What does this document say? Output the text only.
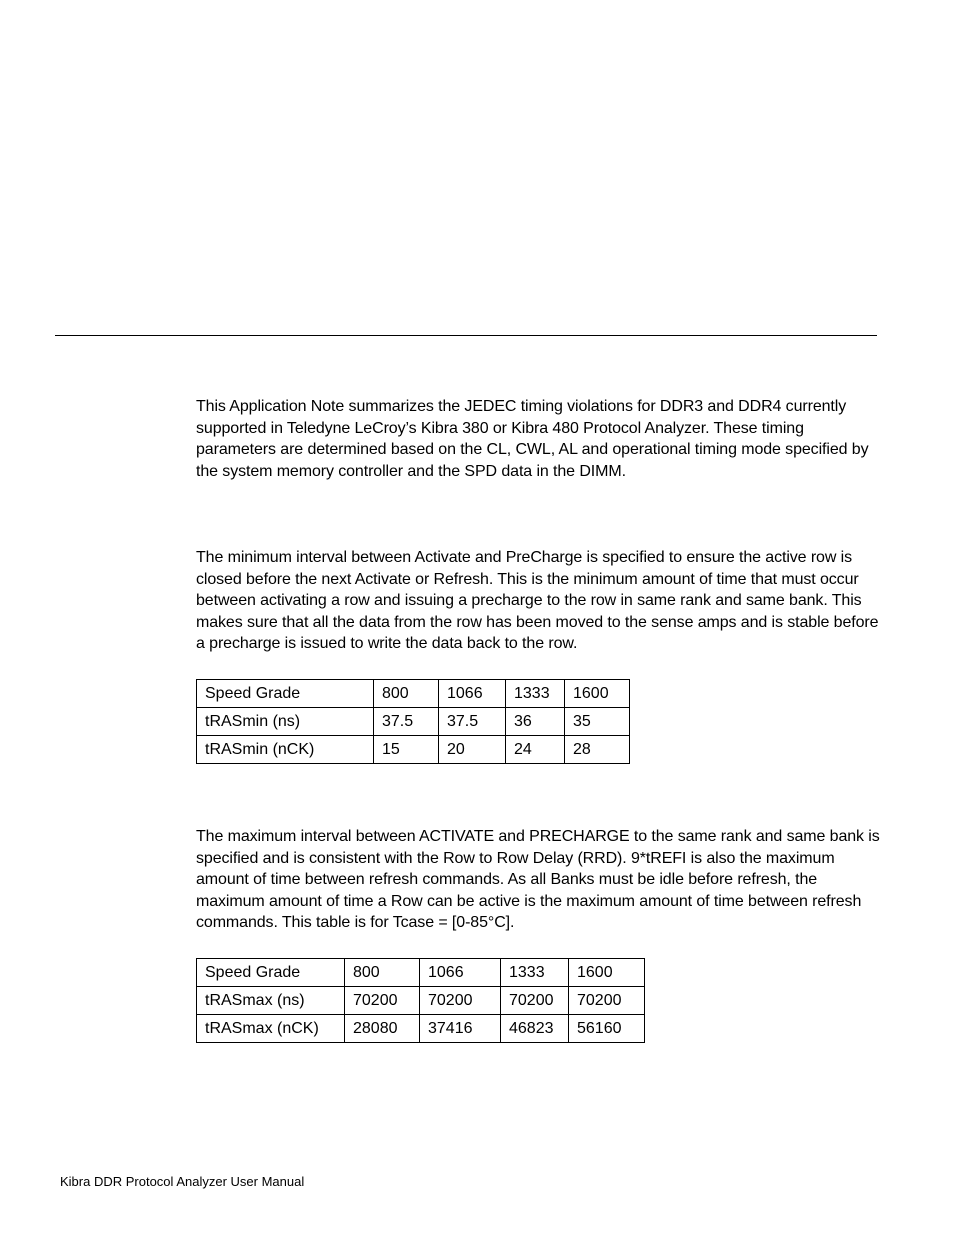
This Application Note summarizes the JEDEC timing violations for DDR3 and DDR4 currently supported in Teledyne LeCroy’s Kibra 380 or Kibra 480 Protocol Analyzer. These timing parameters are determined based on the CL, CWL, AL and operational timing mode specified by the system memory controller and the SPD data in the DIMM.

The minimum interval between Activate and PreCharge is specified to ensure the active row is closed before the next Activate or Refresh. This is the minimum amount of time that must occur between activating a row and issuing a precharge to the row in same rank and same bank. This makes sure that all the data from the row has been moved to the sense amps and is stable before a precharge is issued to write the data back to the row.

Speed Grade	800	1066	1333	1600
tRASmin (ns)	37.5	37.5	36	35
tRASmin (nCK)	15	20	24	28

The maximum interval between ACTIVATE and PRECHARGE to the same rank and same bank is specified and is consistent with the Row to Row Delay (RRD). 9*tREFI is also the maximum amount of time between refresh commands. As all Banks must be idle before refresh, the maximum amount of time a Row can be active is the maximum amount of time between refresh commands. This table is for Tcase = [0-85°C].

Speed Grade	800	1066	1333	1600
tRASmax (ns)	70200	70200	70200	70200
tRASmax (nCK)	28080	37416	46823	56160
Kibra DDR Protocol Analyzer User Manual
